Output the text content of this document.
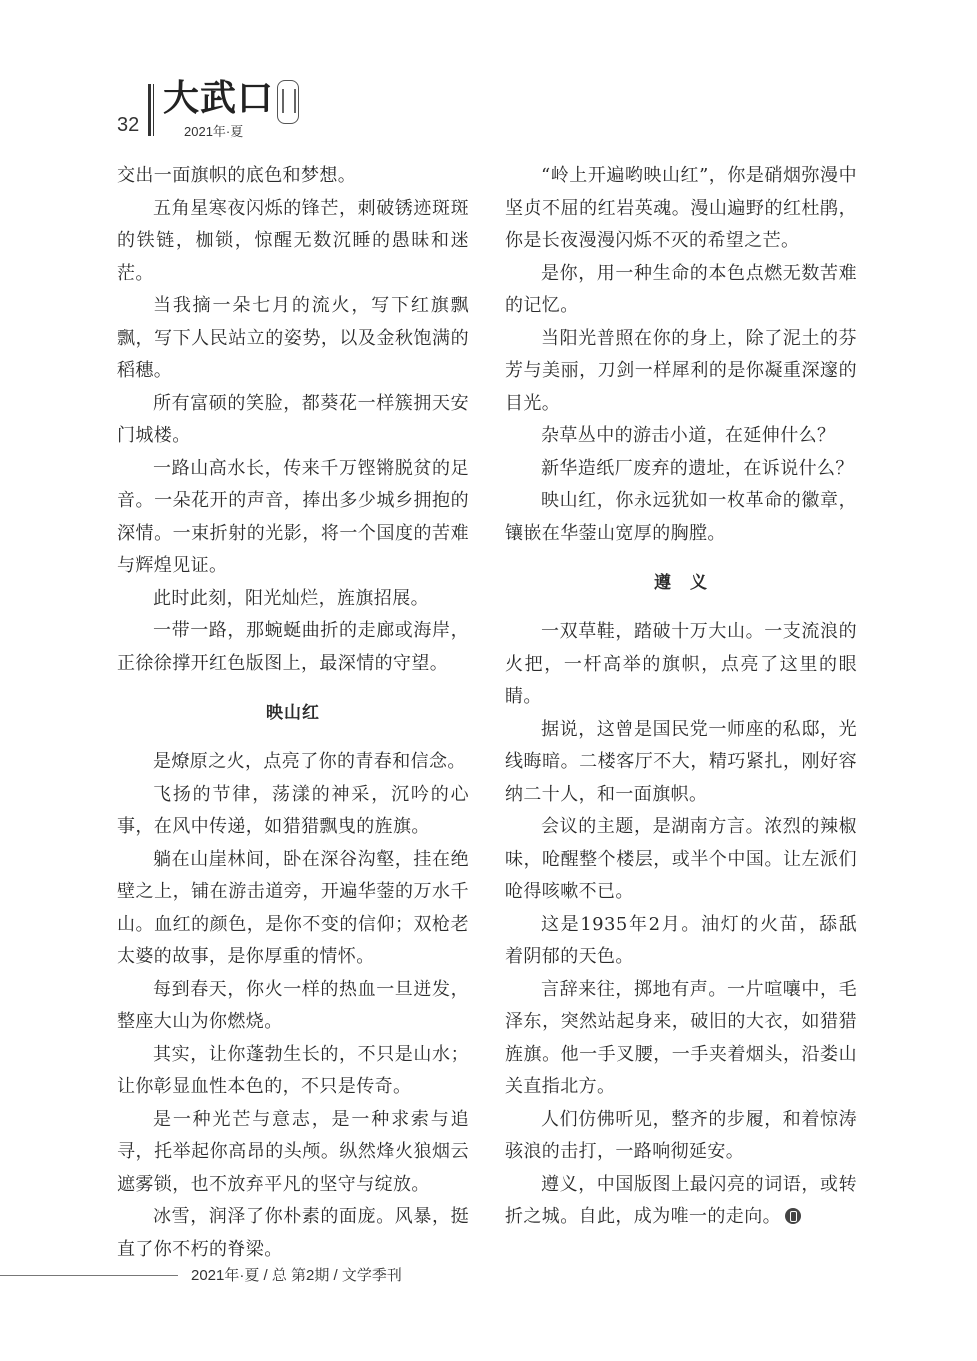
32
大武口
2021年·夏

交出一面旗帜的底色和梦想。

五角星寒夜闪烁的锋芒，刺破锈迹斑斑的铁链，枷锁，惊醒无数沉睡的愚昧和迷茫。

当我摘一朵七月的流火，写下红旗飘飘，写下人民站立的姿势，以及金秋饱满的稻穗。

所有富硕的笑脸，都葵花一样簇拥天安门城楼。

一路山高水长，传来千万铿锵脱贫的足音。一朵花开的声音，捧出多少城乡拥抱的深情。一束折射的光影，将一个国度的苦难与辉煌见证。

此时此刻，阳光灿烂，旌旗招展。

一带一路，那蜿蜒曲折的走廊或海岸，正徐徐撑开红色版图上，最深情的守望。

映山红

是燎原之火，点亮了你的青春和信念。

飞扬的节律，荡漾的神采，沉吟的心事，在风中传递，如猎猎飘曳的旌旗。

躺在山崖林间，卧在深谷沟壑，挂在绝壁之上，铺在游击道旁，开遍华蓥的万水千山。血红的颜色，是你不变的信仰；双枪老太婆的故事，是你厚重的情怀。

每到春天，你火一样的热血一旦迸发，整座大山为你燃烧。

其实，让你蓬勃生长的，不只是山水；让你彰显血性本色的，不只是传奇。

是一种光芒与意志，是一种求索与追寻，托举起你高昂的头颅。纵然烽火狼烟云遮雾锁，也不放弃平凡的坚守与绽放。

冰雪，润泽了你朴素的面庞。风暴，挺直了你不朽的脊梁。

“岭上开遍哟映山红”，你是硝烟弥漫中坚贞不屈的红岩英魂。漫山遍野的红杜鹃，你是长夜漫漫闪烁不灭的希望之芒。

是你，用一种生命的本色点燃无数苦难的记忆。

当阳光普照在你的身上，除了泥土的芬芳与美丽，刀剑一样犀利的是你凝重深邃的目光。

杂草丛中的游击小道，在延伸什么？

新华造纸厂废弃的遗址，在诉说什么？

映山红，你永远犹如一枚革命的徽章，镶嵌在华蓥山宽厚的胸膛。

遵　义

一双草鞋，踏破十万大山。一支流浪的火把，一杆高举的旗帜，点亮了这里的眼睛。

据说，这曾是国民党一师座的私邸，光线晦暗。二楼客厅不大，精巧紧扎，刚好容纳二十人，和一面旗帜。

会议的主题，是湖南方言。浓烈的辣椒味，呛醒整个楼层，或半个中国。让左派们呛得咳嗽不已。

这是1935年2月。油灯的火苗，舔舐着阴郁的天色。

言辞来往，掷地有声。一片喧嚷中，毛泽东，突然站起身来，破旧的大衣，如猎猎旌旗。他一手叉腰，一手夹着烟头，沿娄山关直指北方。

人们仿佛听见，整齐的步履，和着惊涛骇浪的击打，一路响彻延安。

遵义，中国版图上最闪亮的词语，或转折之城。自此，成为唯一的走向。

2021年·夏 / 总 第2期 / 文学季刊
